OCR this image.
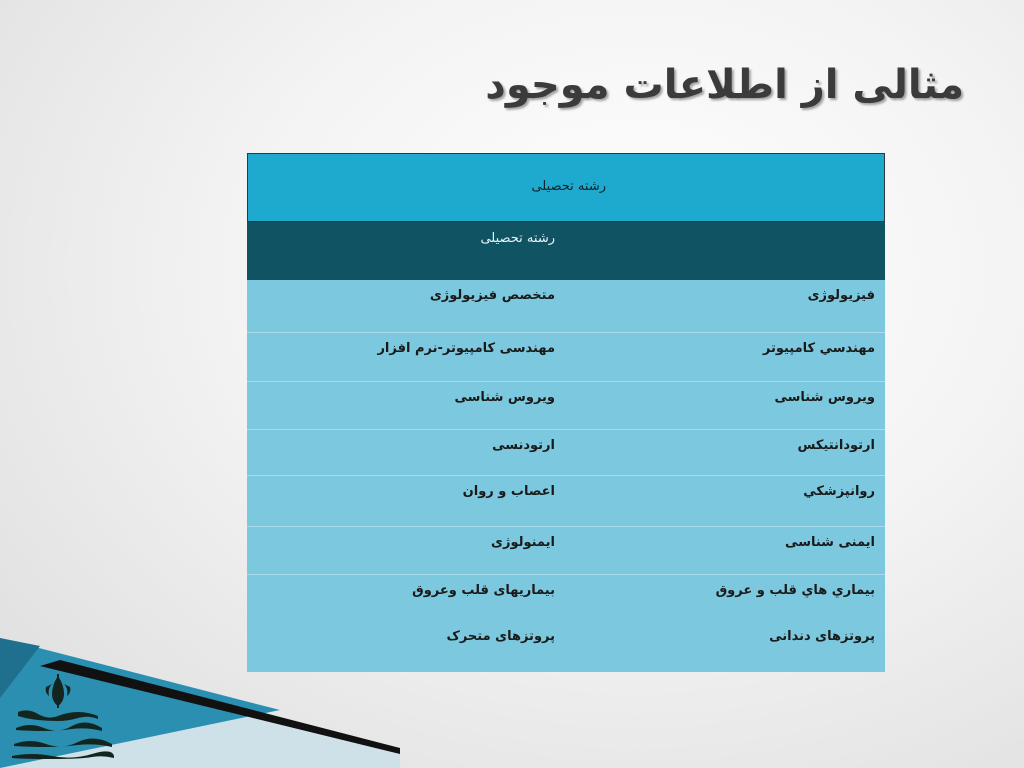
مثالی از اطلاعات موجود
رشته تحصیلی
رشته تحصیلی
فیزیولوژی
متخصص فیزیولوژی
مهندسي كامپيوتر
مهندسی کامپیوتر-نرم افزار
ویروس شناسی
ویروس شناسی
ارتودانتیکس
ارتودنسی
روانپزشكي
اعصاب و روان
ایمنی شناسی
ایمنولوژی
بيماري هاي قلب و عروق
بیماریهای قلب وعروق
پروتزهای دندانی
پروتزهای متحرک
